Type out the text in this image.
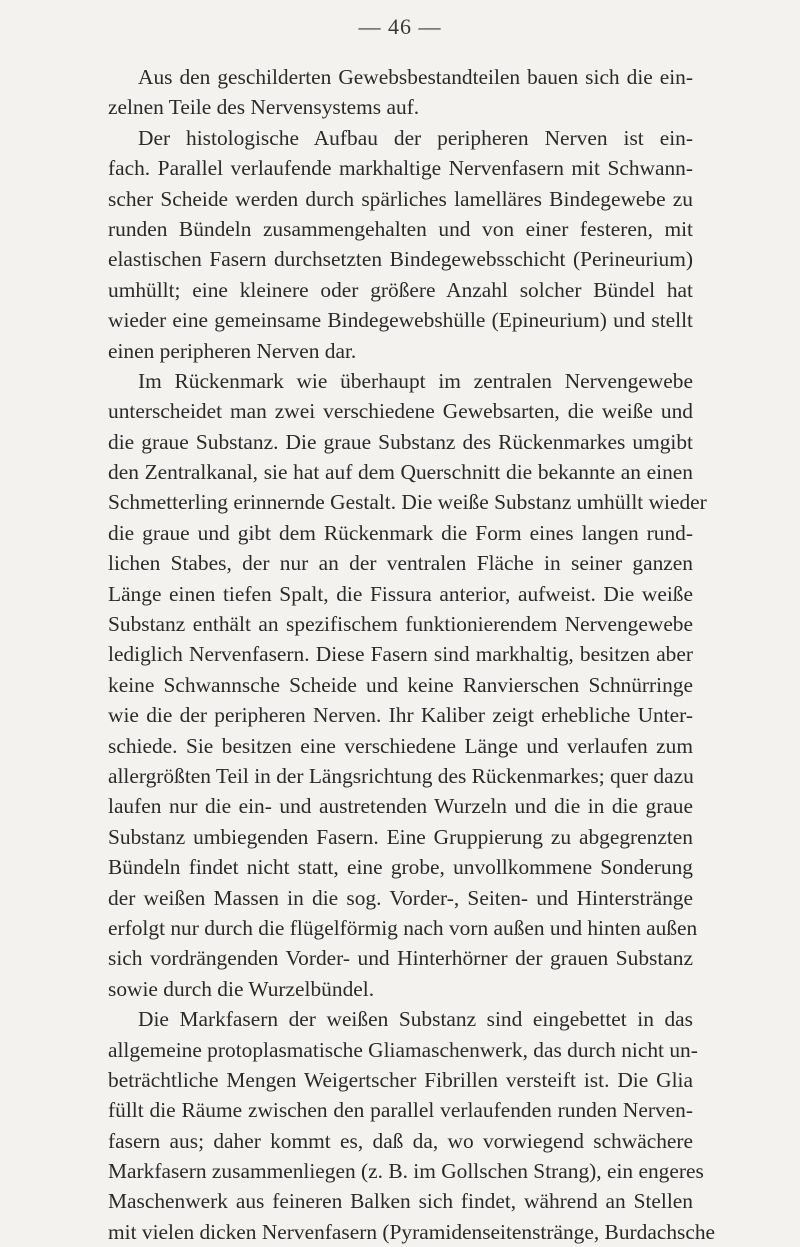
— 46 —
Aus den geschilderten Gewebsbestandteilen bauen sich die ein-
zelnen Teile des Nervensystems auf.
Der histologische Aufbau der peripheren Nerven ist ein-
fach. Parallel verlaufende markhaltige Nervenfasern mit Schwann-
scher Scheide werden durch spärliches lamelläres Bindegewebe zu
runden Bündeln zusammengehalten und von einer festeren, mit
elastischen Fasern durchsetzten Bindegewebsschicht (Perineurium)
umhüllt; eine kleinere oder größere Anzahl solcher Bündel hat
wieder eine gemeinsame Bindegewebshülle (Epineurium) und stellt
einen peripheren Nerven dar.
Im Rückenmark wie überhaupt im zentralen Nervengewebe
unterscheidet man zwei verschiedene Gewebsarten, die weiße und
die graue Substanz. Die graue Substanz des Rückenmarkes umgibt
den Zentralkanal, sie hat auf dem Querschnitt die bekannte an einen
Schmetterling erinnernde Gestalt. Die weiße Substanz umhüllt wieder
die graue und gibt dem Rückenmark die Form eines langen rund-
lichen Stabes, der nur an der ventralen Fläche in seiner ganzen
Länge einen tiefen Spalt, die Fissura anterior, aufweist. Die weiße
Substanz enthält an spezifischem funktionierendem Nervengewebe
lediglich Nervenfasern. Diese Fasern sind markhaltig, besitzen aber
keine Schwannsche Scheide und keine Ranvierschen Schnürringe
wie die der peripheren Nerven. Ihr Kaliber zeigt erhebliche Unter-
schiede. Sie besitzen eine verschiedene Länge und verlaufen zum
allergrößten Teil in der Längsrichtung des Rückenmarkes; quer dazu
laufen nur die ein- und austretenden Wurzeln und die in die graue
Substanz umbiegenden Fasern. Eine Gruppierung zu abgegrenzten
Bündeln findet nicht statt, eine grobe, unvollkommene Sonderung
der weißen Massen in die sog. Vorder-, Seiten- und Hinterstränge
erfolgt nur durch die flügelförmig nach vorn außen und hinten außen
sich vordrängenden Vorder- und Hinterhörner der grauen Substanz
sowie durch die Wurzelbündel.
Die Markfasern der weißen Substanz sind eingebettet in das
allgemeine protoplasmatische Gliamaschenwerk, das durch nicht un-
beträchtliche Mengen Weigertscher Fibrillen versteift ist. Die Glia
füllt die Räume zwischen den parallel verlaufenden runden Nerven-
fasern aus; daher kommt es, daß da, wo vorwiegend schwächere
Markfasern zusammenliegen (z. B. im Gollschen Strang), ein engeres
Maschenwerk aus feineren Balken sich findet, während an Stellen
mit vielen dicken Nervenfasern (Pyramidenseitenstränge, Burdachsche
